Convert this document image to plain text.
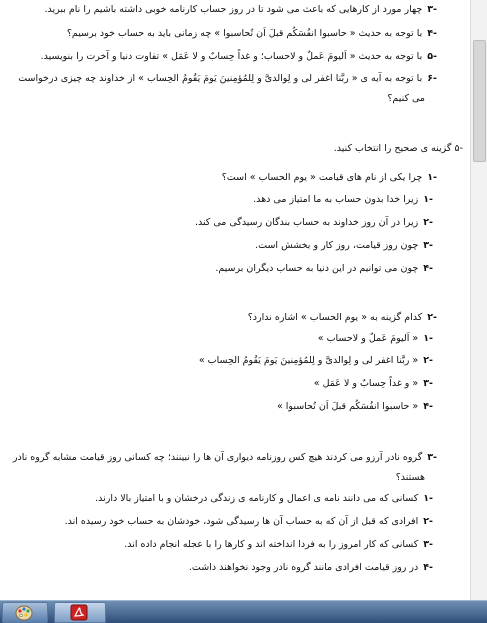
-۳چهار مورد از کارهایی که باعث می شود تا در روز حساب کارنامه خوبی داشته باشیم را نام ببرید.
-۴با توجه به حدیث « حاسبوا انفُسَکُم قبلَ اَن تُحاسبوا » چه زمانی باید به حساب خود برسیم؟
-۵با توجه به حدیث « اَلیومَ عَملٌ و لاحساب؛ و غداً حِسابٌ و لا عَمَل » تفاوت دنیا و آخرت را بنویسید.
-۶با توجه به آیه ی « ربَّنا اغفر لی و لِوالدیَّ و لِلمُؤمِنینَ یَومَ یَقُومُ الحِساب » از خداوند چه چیزی درخواست
می کنیم؟
-۵ گزینه ی صحیح را انتخاب کنید.
-۱چرا یکی از نام های قیامت « یوم الحساب » است؟
-۱زیرا خدا بدون حساب به ما امتیاز می دهد.
-۲زیرا در آن روز خداوند به حساب بندگان رسیدگی می کند.
-۳چون روز قیامت، روز کار و بخشش است.
-۴چون می توانیم در این دنیا به حساب دیگران برسیم.
-۲کدام گزینه به « یوم الحساب » اشاره ندارد؟
-۱« اَلیومَ عَملٌ و لاحساب »
-۲« ربَّنا اغفر لی و لِوالدیَّ و لِلمُؤمِنینَ یَومَ یَقُومُ الحِساب »
-۳« و غداً حِسابٌ و لا عَمَل »
-۴« حاسبوا انفُسَکُم قبلَ اَن تُحاسبوا »
-۳گروه نادر آرزو می کردند هیچ کس روزنامه دیواری آن ها را نبینند؛ چه کسانی روز قیامت مشابه گروه نادر
هستند؟
-۱کسانی که می دانند نامه ی اعمال و کارنامه ی زندگی درخشان و با امتیاز بالا دارند.
-۲افرادی که قبل از آن که به حساب آن ها رسیدگی شود، خودشان به حساب خود رسیده اند.
-۳کسانی که کار امروز را به فردا انداخته اند و کارها را با عجله انجام داده اند.
-۴در روز قیامت افرادی مانند گروه نادر وجود نخواهند داشت.
